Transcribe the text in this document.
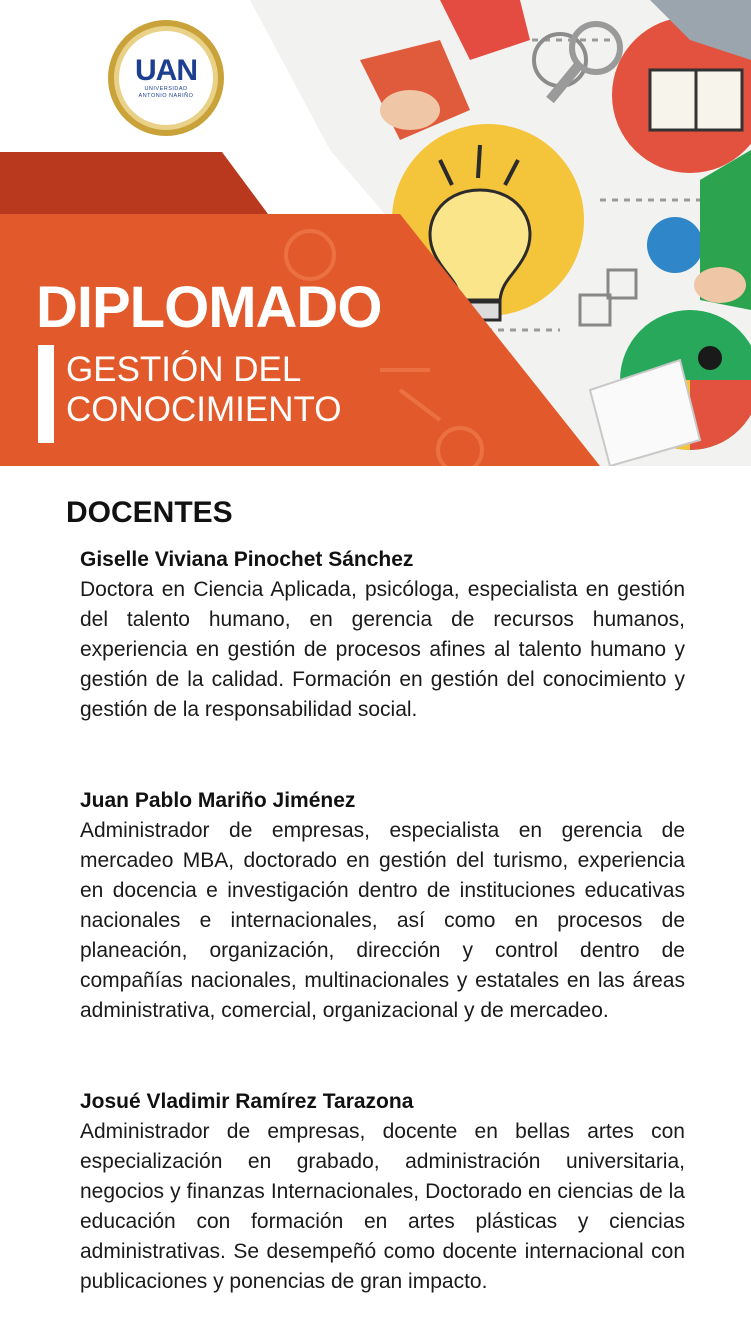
UAN
UNIVERSIDAD
ANTONIO NARIÑO
DIPLOMADO
GESTIÓN DEL
CONOCIMIENTO
DOCENTES

Giselle Viviana Pinochet Sánchez

Doctora en Ciencia Aplicada, psicóloga, especialista en gestión del talento humano, en gerencia de recursos humanos, experiencia en gestión de procesos afines al talento humano y gestión de la calidad. Formación en gestión del conocimiento y gestión de la responsabilidad social.

Juan Pablo Mariño Jiménez

Administrador de empresas, especialista en gerencia de mercadeo MBA, doctorado en gestión del turismo, experiencia en docencia e investigación dentro de instituciones educativas nacionales e internacionales, así como en procesos de planeación, organización, dirección y control dentro de compañías nacionales, multinacionales y estatales en las áreas administrativa, comercial, organizacional y de mercadeo.

Josué Vladimir Ramírez Tarazona

Administrador de empresas, docente en bellas artes con especialización en grabado, administración universitaria, negocios y finanzas Internacionales, Doctorado en ciencias de la educación con formación en artes plásticas y ciencias administrativas. Se desempeñó como docente internacional con publicaciones y ponencias de gran impacto.
